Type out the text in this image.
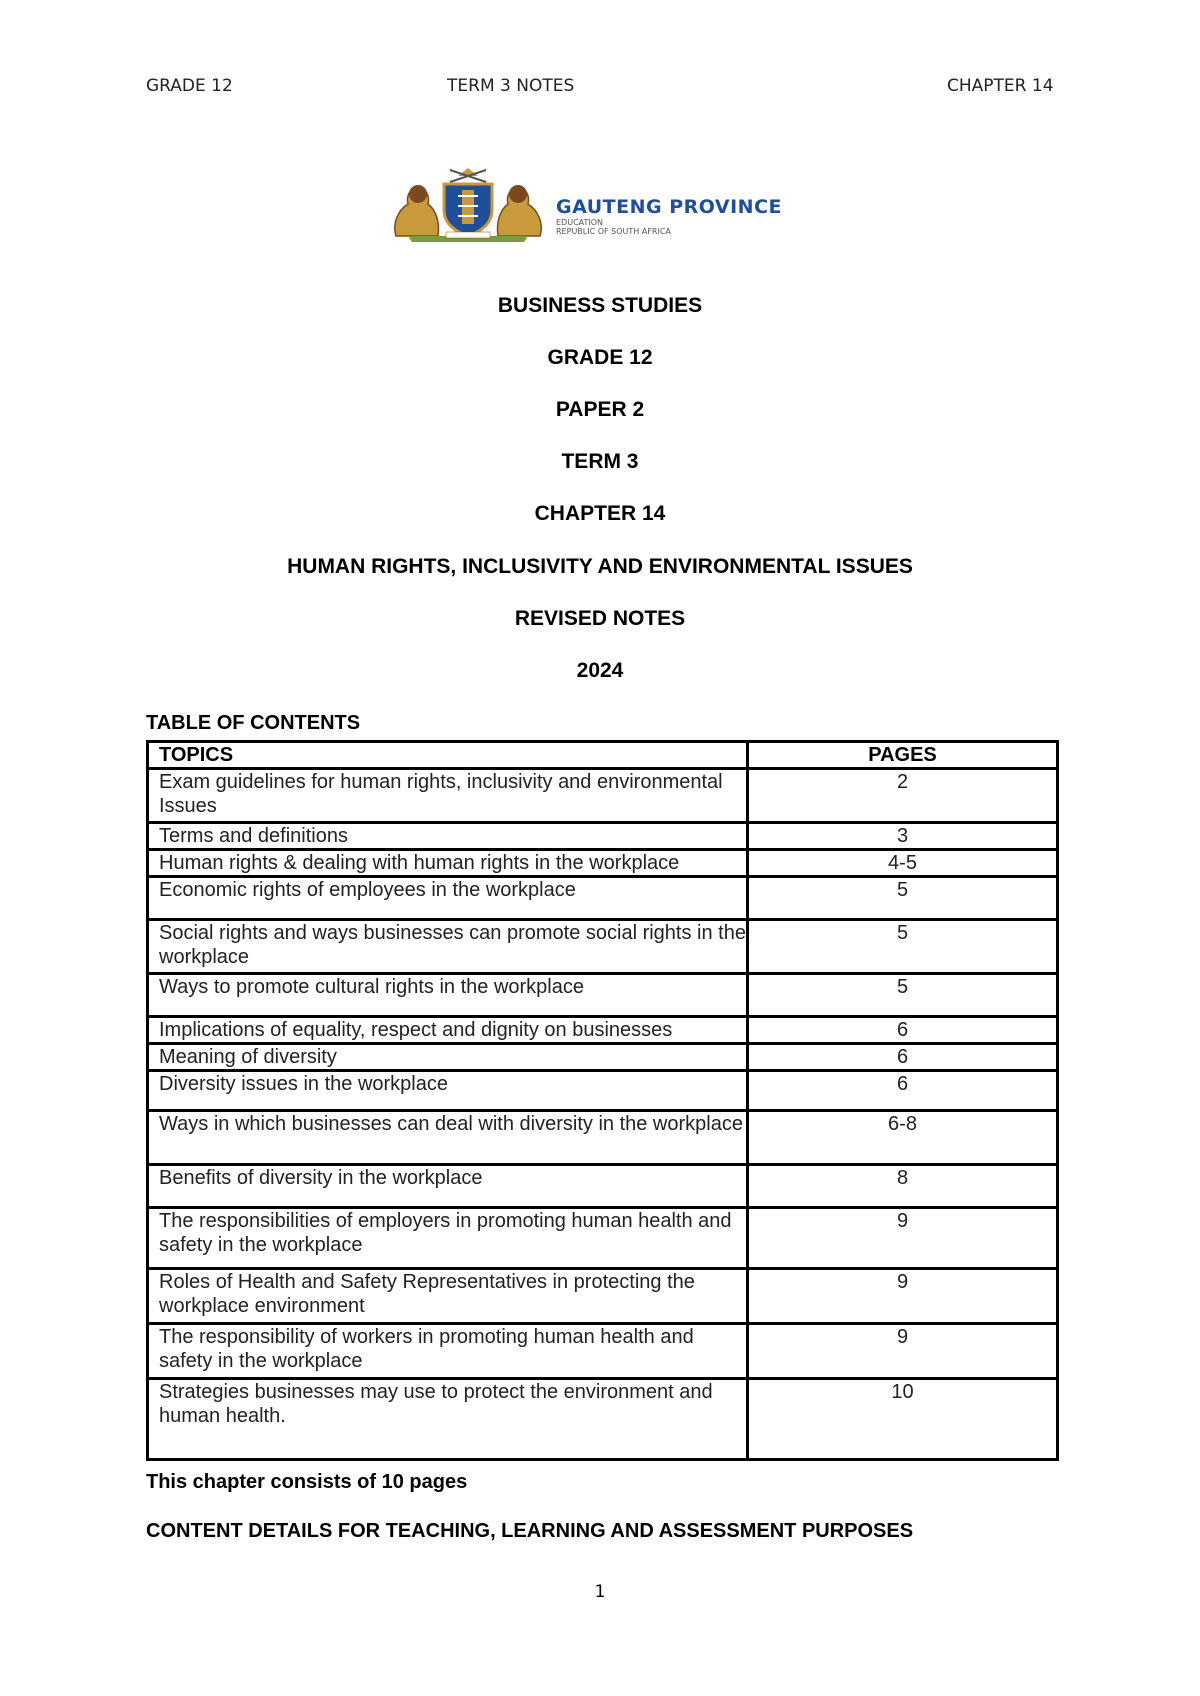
GRADE 12	TERM 3 NOTES	CHAPTER 14
GAUTENG PROVINCE
EDUCATION
REPUBLIC OF SOUTH AFRICA
BUSINESS STUDIES
GRADE 12
PAPER 2
TERM 3
CHAPTER 14
HUMAN RIGHTS, INCLUSIVITY AND ENVIRONMENTAL ISSUES
REVISED NOTES
2024
TABLE OF CONTENTS
TOPICS	PAGES
Exam guidelines for human rights, inclusivity and environmental Issues	2
Terms and definitions	3
Human rights & dealing with human rights in the workplace	4-5
Economic rights of employees in the workplace	5
Social rights and ways businesses can promote social rights in the workplace	5
Ways to promote cultural rights in the workplace	5
Implications of equality, respect and dignity on businesses	6
Meaning of diversity	6
Diversity issues in the workplace	6
Ways in which businesses can deal with diversity in the workplace	6-8
Benefits of diversity in the workplace	8
The responsibilities of employers in promoting human health and safety in the workplace	9
Roles of Health and Safety Representatives in protecting the workplace environment	9
The responsibility of workers in promoting human health and safety in the workplace	9
Strategies businesses may use to protect the environment and human health.	10
This chapter consists of 10 pages
CONTENT DETAILS FOR TEACHING, LEARNING AND ASSESSMENT PURPOSES
1
